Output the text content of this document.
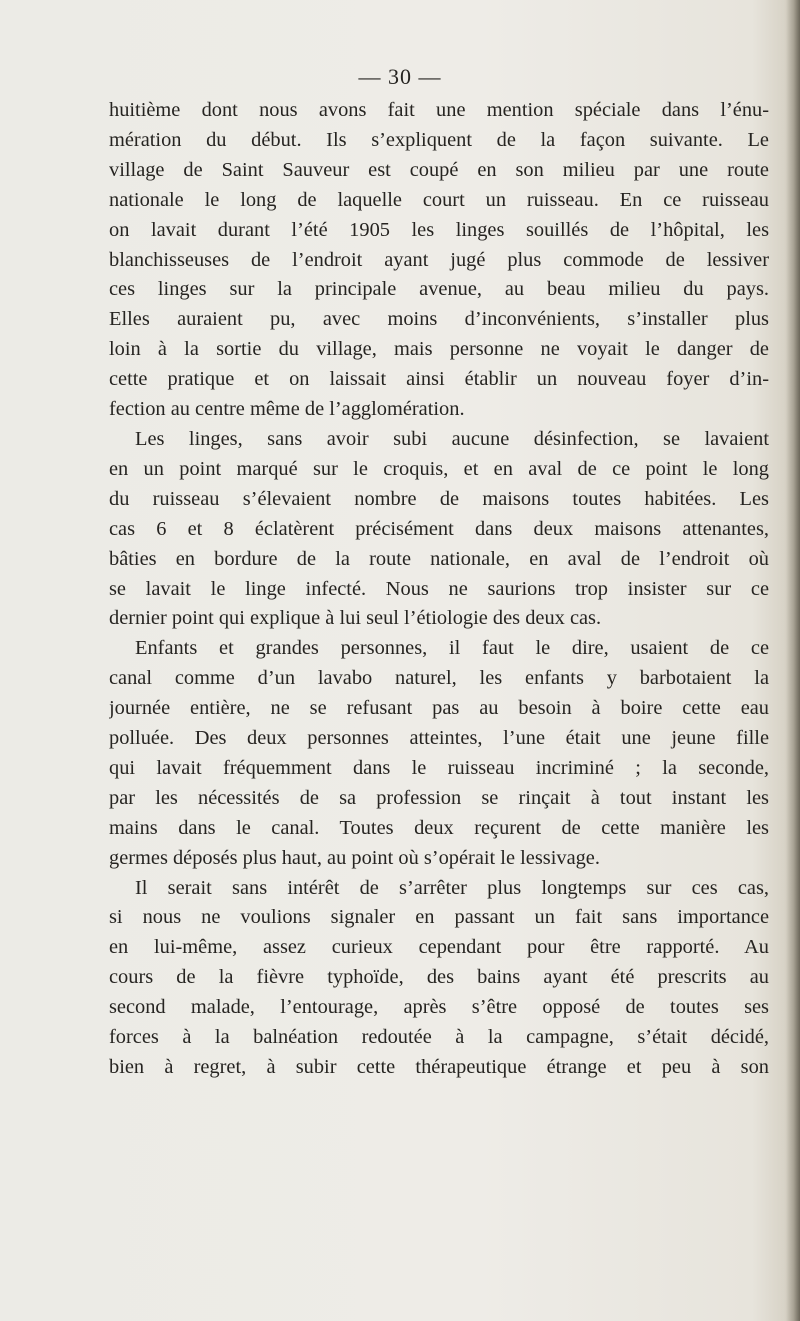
— 30 —

huitième dont nous avons fait une mention spéciale dans l’énu-
mération du début. Ils s’expliquent de la façon suivante. Le
village de Saint Sauveur est coupé en son milieu par une route
nationale le long de laquelle court un ruisseau. En ce ruisseau
on lavait durant l’été 1905 les linges souillés de l’hôpital, les
blanchisseuses de l’endroit ayant jugé plus commode de lessiver
ces linges sur la principale avenue, au beau milieu du pays.
Elles auraient pu, avec moins d’inconvénients, s’installer plus
loin à la sortie du village, mais personne ne voyait le danger de
cette pratique et on laissait ainsi établir un nouveau foyer d’in-
fection au centre même de l’agglomération.

Les linges, sans avoir subi aucune désinfection, se lavaient
en un point marqué sur le croquis, et en aval de ce point le long
du ruisseau s’élevaient nombre de maisons toutes habitées. Les
cas 6 et 8 éclatèrent précisément dans deux maisons attenantes,
bâties en bordure de la route nationale, en aval de l’endroit où
se lavait le linge infecté. Nous ne saurions trop insister sur ce
dernier point qui explique à lui seul l’étiologie des deux cas.

Enfants et grandes personnes, il faut le dire, usaient de ce
canal comme d’un lavabo naturel, les enfants y barbotaient la
journée entière, ne se refusant pas au besoin à boire cette eau
polluée. Des deux personnes atteintes, l’une était une jeune fille
qui lavait fréquemment dans le ruisseau incriminé ; la seconde,
par les nécessités de sa profession se rinçait à tout instant les
mains dans le canal. Toutes deux reçurent de cette manière les
germes déposés plus haut, au point où s’opérait le lessivage.

Il serait sans intérêt de s’arrêter plus longtemps sur ces cas,
si nous ne voulions signaler en passant un fait sans importance
en lui-même, assez curieux cependant pour être rapporté. Au
cours de la fièvre typhoïde, des bains ayant été prescrits au
second malade, l’entourage, après s’être opposé de toutes ses
forces à la balnéation redoutée à la campagne, s’était décidé,
bien à regret, à subir cette thérapeutique étrange et peu à son
